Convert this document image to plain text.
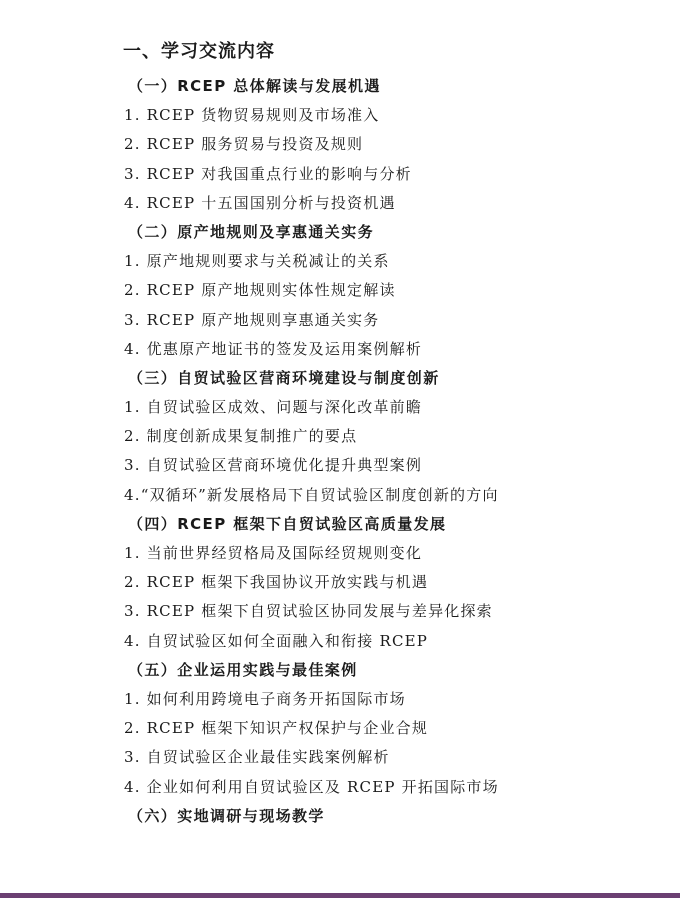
一、学习交流内容
（一）RCEP 总体解读与发展机遇
1. RCEP 货物贸易规则及市场准入
2. RCEP 服务贸易与投资及规则
3. RCEP 对我国重点行业的影响与分析
4. RCEP 十五国国别分析与投资机遇
（二）原产地规则及享惠通关实务
1. 原产地规则要求与关税减让的关系
2. RCEP 原产地规则实体性规定解读
3. RCEP 原产地规则享惠通关实务
4. 优惠原产地证书的签发及运用案例解析
（三）自贸试验区营商环境建设与制度创新
1. 自贸试验区成效、问题与深化改革前瞻
2. 制度创新成果复制推广的要点
3. 自贸试验区营商环境优化提升典型案例
4.“双循环”新发展格局下自贸试验区制度创新的方向
（四）RCEP 框架下自贸试验区高质量发展
1. 当前世界经贸格局及国际经贸规则变化
2. RCEP 框架下我国协议开放实践与机遇
3. RCEP 框架下自贸试验区协同发展与差异化探索
4. 自贸试验区如何全面融入和衔接 RCEP
（五）企业运用实践与最佳案例
1. 如何利用跨境电子商务开拓国际市场
2. RCEP 框架下知识产权保护与企业合规
3. 自贸试验区企业最佳实践案例解析
4. 企业如何利用自贸试验区及 RCEP 开拓国际市场
（六）实地调研与现场教学
